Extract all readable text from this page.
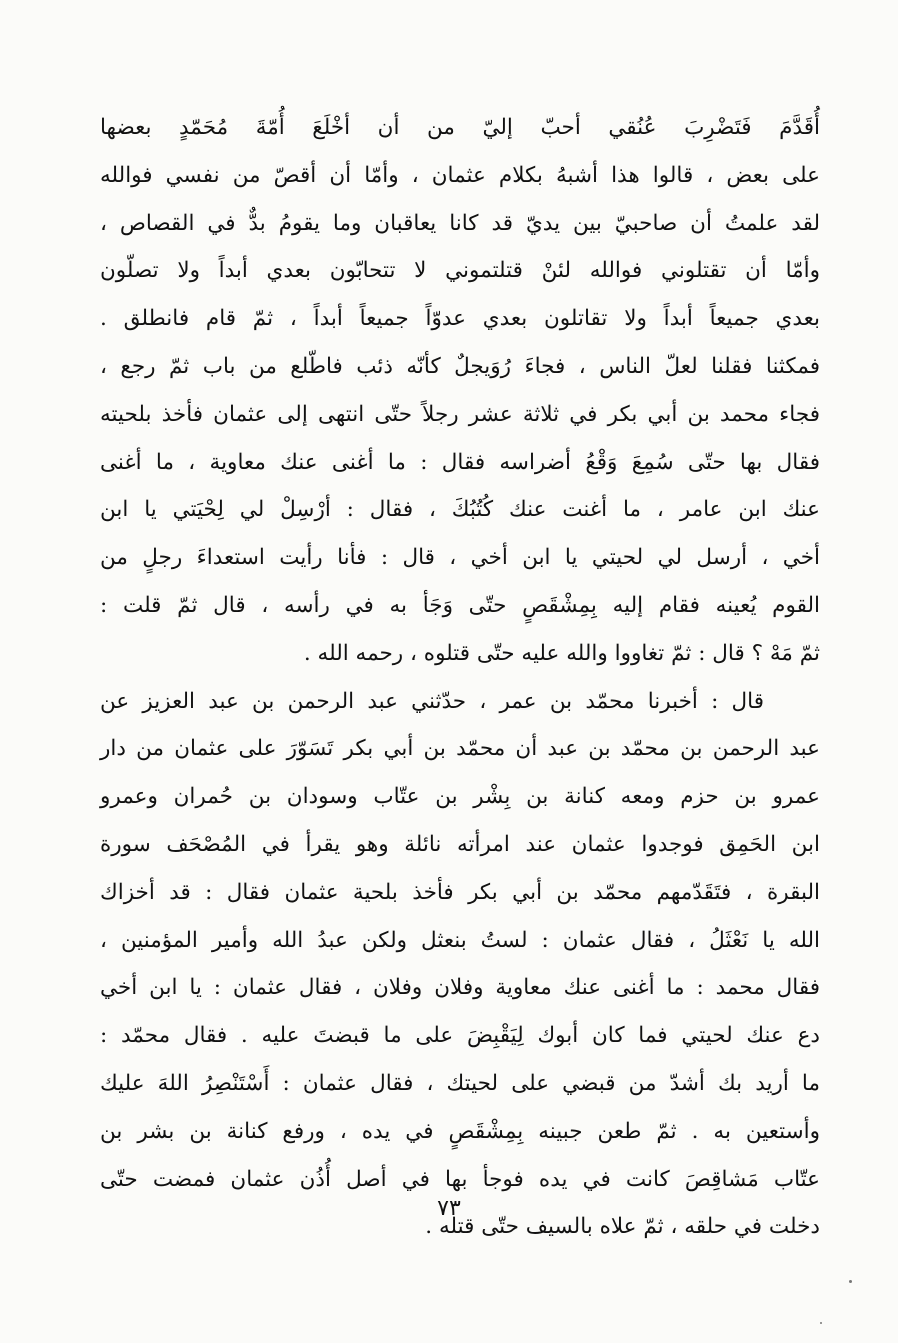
أُقَدَّمَ فَتَضْرِبَ عُنُقي أحبّ إليّ من أن أخْلَعَ أُمّةَ مُحَمّدٍ بعضها
على بعض ، قالوا هذا أشبهُ بكلام عثمان ، وأمّا أن أقصّ من نفسي فوالله
لقد علمتُ أن صاحبيّ بين يديّ قد كانا يعاقبان وما يقومُ بدٌّ في القصاص ،
وأمّا أن تقتلوني فوالله لئنْ قتلتموني لا تتحابّون بعدي أبداً ولا تصلّون
بعدي جميعاً أبداً ولا تقاتلون بعدي عدوّاً جميعاً أبداً ، ثمّ قام فانطلق .
فمكثنا فقلنا لعلّ الناس ، فجاءَ رُوَيجلٌ كأنّه ذئب فاطّلع من باب ثمّ رجع ،
فجاء محمد بن أبي بكر في ثلاثة عشر رجلاً حتّى انتهى إلى عثمان فأخذ بلحيته
فقال بها حتّى سُمِعَ وَقْعُ أضراسه فقال : ما أغنى عنك معاوية ، ما أغنى
عنك ابن عامر ، ما أغنت عنك كُتُبُكَ ، فقال : أرْسِلْ لي لِحْيَتي يا ابن
أخي ، أرسل لي لحيتي يا ابن أخي ، قال : فأنا رأيت استعداءَ رجلٍ من
القوم يُعينه فقام إليه بِمِشْقَصٍ حتّى وَجَأ به في رأسه ، قال ثمّ قلت :
ثمّ مَهْ ؟ قال : ثمّ تغاووا والله عليه حتّى قتلوه ، رحمه الله .
قال : أخبرنا محمّد بن عمر ، حدّثني عبد الرحمن بن عبد العزيز عن
عبد الرحمن بن محمّد بن عبد أن محمّد بن أبي بكر تَسَوّرَ على عثمان من دار
عمرو بن حزم ومعه كنانة بن بِشْر بن عتّاب وسودان بن حُمران وعمرو
ابن الحَمِق فوجدوا عثمان عند امرأته نائلة وهو يقرأ في المُصْحَف سورة
البقرة ، فتَقَدّمهم محمّد بن أبي بكر فأخذ بلحية عثمان فقال : قد أخزاك
الله يا نَعْثَلُ ، فقال عثمان : لستُ بنعثل ولكن عبدُ الله وأمير المؤمنين ،
فقال محمد : ما أغنى عنك معاوية وفلان وفلان ، فقال عثمان : يا ابن أخي
دع عنك لحيتي فما كان أبوك لِيَقْبِضَ على ما قبضتَ عليه . فقال محمّد :
ما أريد بك أشدّ من قبضي على لحيتك ، فقال عثمان : أَسْتَنْصِرُ اللهَ عليك
وأستعين به . ثمّ طعن جبينه بِمِشْقَصٍ في يده ، ورفع كنانة بن بشر بن
عتّاب مَشاقِصَ كانت في يده فوجأ بها في أصل أُذُن عثمان فمضت حتّى
دخلت في حلقه ، ثمّ علاه بالسيف حتّى قتله .
٧٣
